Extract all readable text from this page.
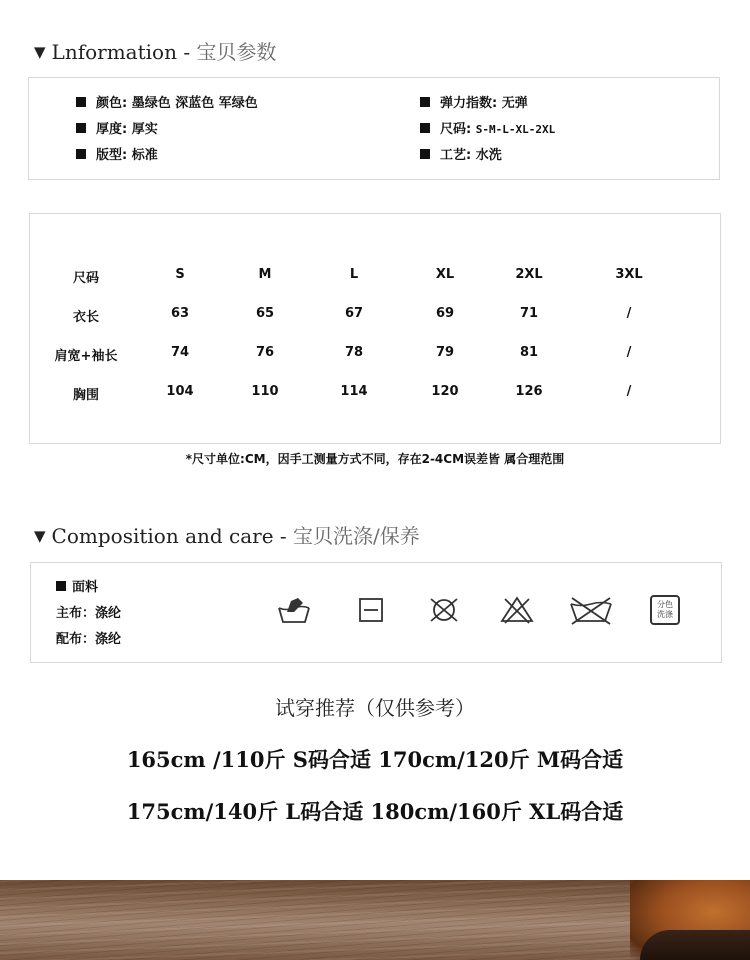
▼ Lnformation - 宝贝参数
颜色: 墨绿色 深蓝色 军绿色
厚度: 厚实
版型: 标准
弹力指数: 无弹
尺码: S-M-L-XL-2XL
工艺: 水洗
尺码	S	M	L	XL	2XL	3XL
衣长	63	65	67	69	71	/
肩宽+袖长	74	76	78	79	81	/
胸围	104	110	114	120	126	/
*尺寸单位:CM，因手工测量方式不同，存在2-4CM误差皆 属合理范围
▼ Composition and care - 宝贝洗涤/保养
面料
主布：涤纶
配布：涤纶
分色
洗涤
试穿推荐（仅供参考）
165cm /110斤 S码合适 170cm/120斤 M码合适
175cm/140斤 L码合适 180cm/160斤 XL码合适
